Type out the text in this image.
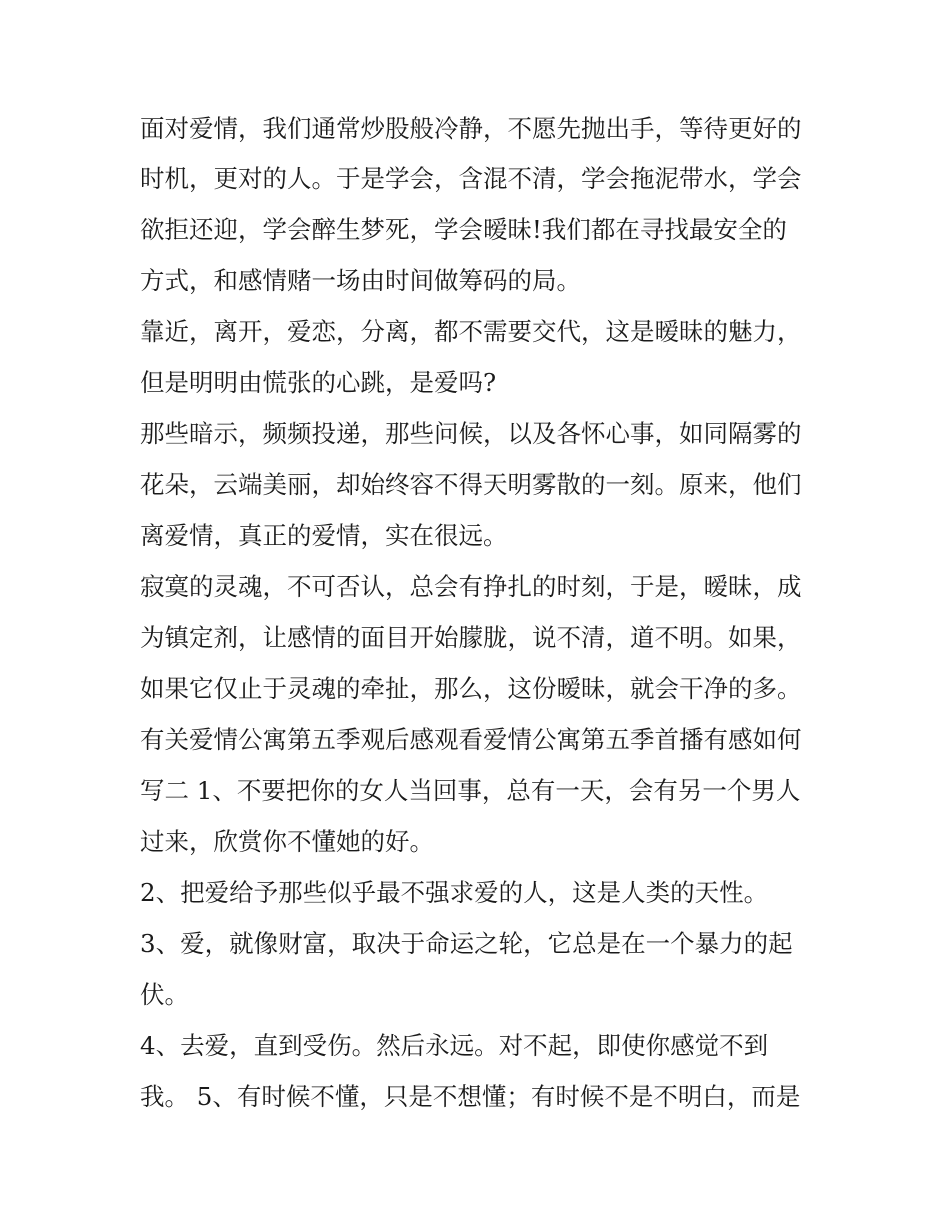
面对爱情，我们通常炒股般冷静，不愿先抛出手，等待更好的
时机，更对的人。于是学会，含混不清，学会拖泥带水，学会
欲拒还迎，学会醉生梦死，学会暧昧!我们都在寻找最安全的
方式，和感情赌一场由时间做筹码的局。
靠近，离开，爱恋，分离，都不需要交代，这是暧昧的魅力，
但是明明由慌张的心跳，是爱吗?
那些暗示，频频投递，那些问候，以及各怀心事，如同隔雾的
花朵，云端美丽，却始终容不得天明雾散的一刻。原来，他们
离爱情，真正的爱情，实在很远。
寂寞的灵魂，不可否认，总会有挣扎的时刻，于是，暧昧，成
为镇定剂，让感情的面目开始朦胧，说不清，道不明。如果，
如果它仅止于灵魂的牵扯，那么，这份暧昧，就会干净的多。
有关爱情公寓第五季观后感观看爱情公寓第五季首播有感如何
写二 1、不要把你的女人当回事，总有一天，会有另一个男人
过来，欣赏你不懂她的好。
2、把爱给予那些似乎最不强求爱的人，这是人类的天性。
3、爱，就像财富，取决于命运之轮，它总是在一个暴力的起
伏。
4、去爱，直到受伤。然后永远。对不起，即使你感觉不到
我。 5、有时候不懂，只是不想懂；有时候不是不明白，而是
